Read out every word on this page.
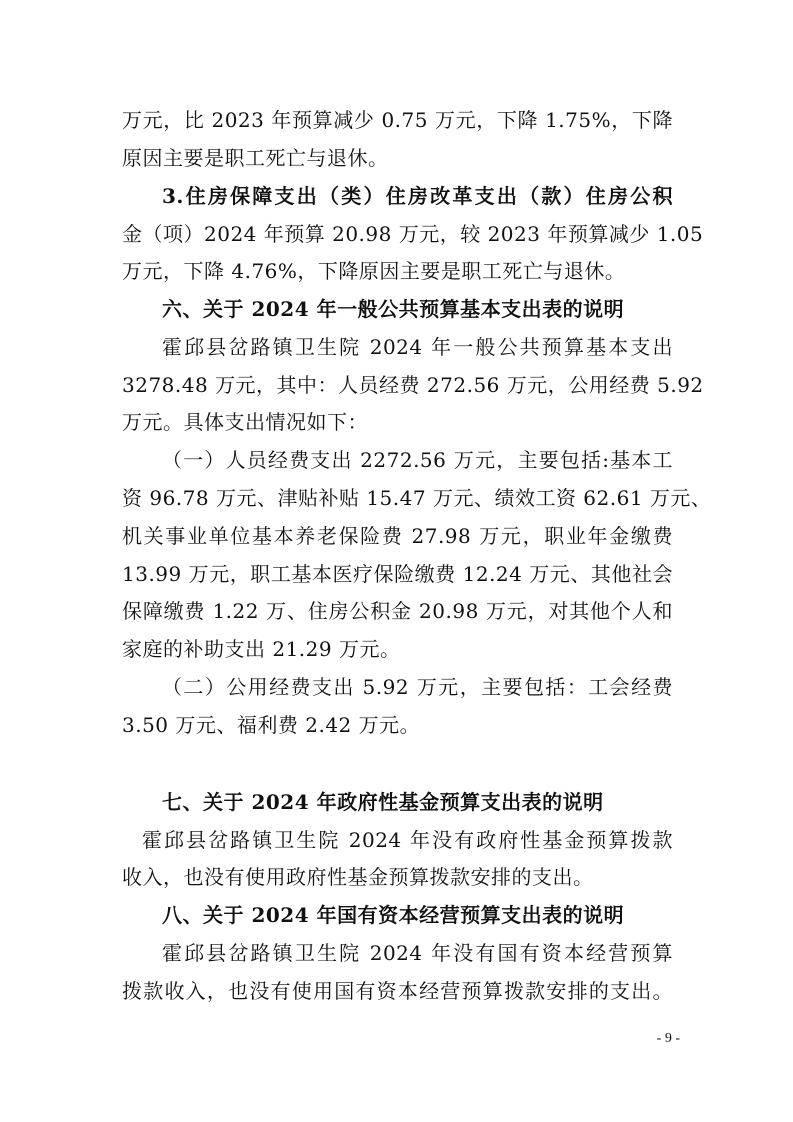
万元，比 2023 年预算减少 0.75 万元，下降 1.75%，下降
原因主要是职工死亡与退休。
3.住房保障支出（类）住房改革支出（款）住房公积
金（项）2024 年预算 20.98 万元，较 2023 年预算减少 1.05
万元，下降 4.76%，下降原因主要是职工死亡与退休。
六、关于 2024 年一般公共预算基本支出表的说明
霍邱县岔路镇卫生院 2024 年一般公共预算基本支出
3278.48 万元，其中：人员经费 272.56 万元，公用经费 5.92
万元。具体支出情况如下：
（一）人员经费支出 2272.56 万元，主要包括:基本工
资 96.78 万元、津贴补贴 15.47 万元、绩效工资 62.61 万元、
机关事业单位基本养老保险费 27.98 万元，职业年金缴费
13.99 万元，职工基本医疗保险缴费 12.24 万元、其他社会
保障缴费 1.22 万、住房公积金 20.98 万元，对其他个人和
家庭的补助支出 21.29 万元。
（二）公用经费支出 5.92 万元，主要包括：工会经费
3.50 万元、福利费 2.42 万元。
七、关于 2024 年政府性基金预算支出表的说明
霍邱县岔路镇卫生院 2024 年没有政府性基金预算拨款
收入，也没有使用政府性基金预算拨款安排的支出。
八、关于 2024 年国有资本经营预算支出表的说明
霍邱县岔路镇卫生院 2024 年没有国有资本经营预算
拨款收入，也没有使用国有资本经营预算拨款安排的支出。
- 9 -
